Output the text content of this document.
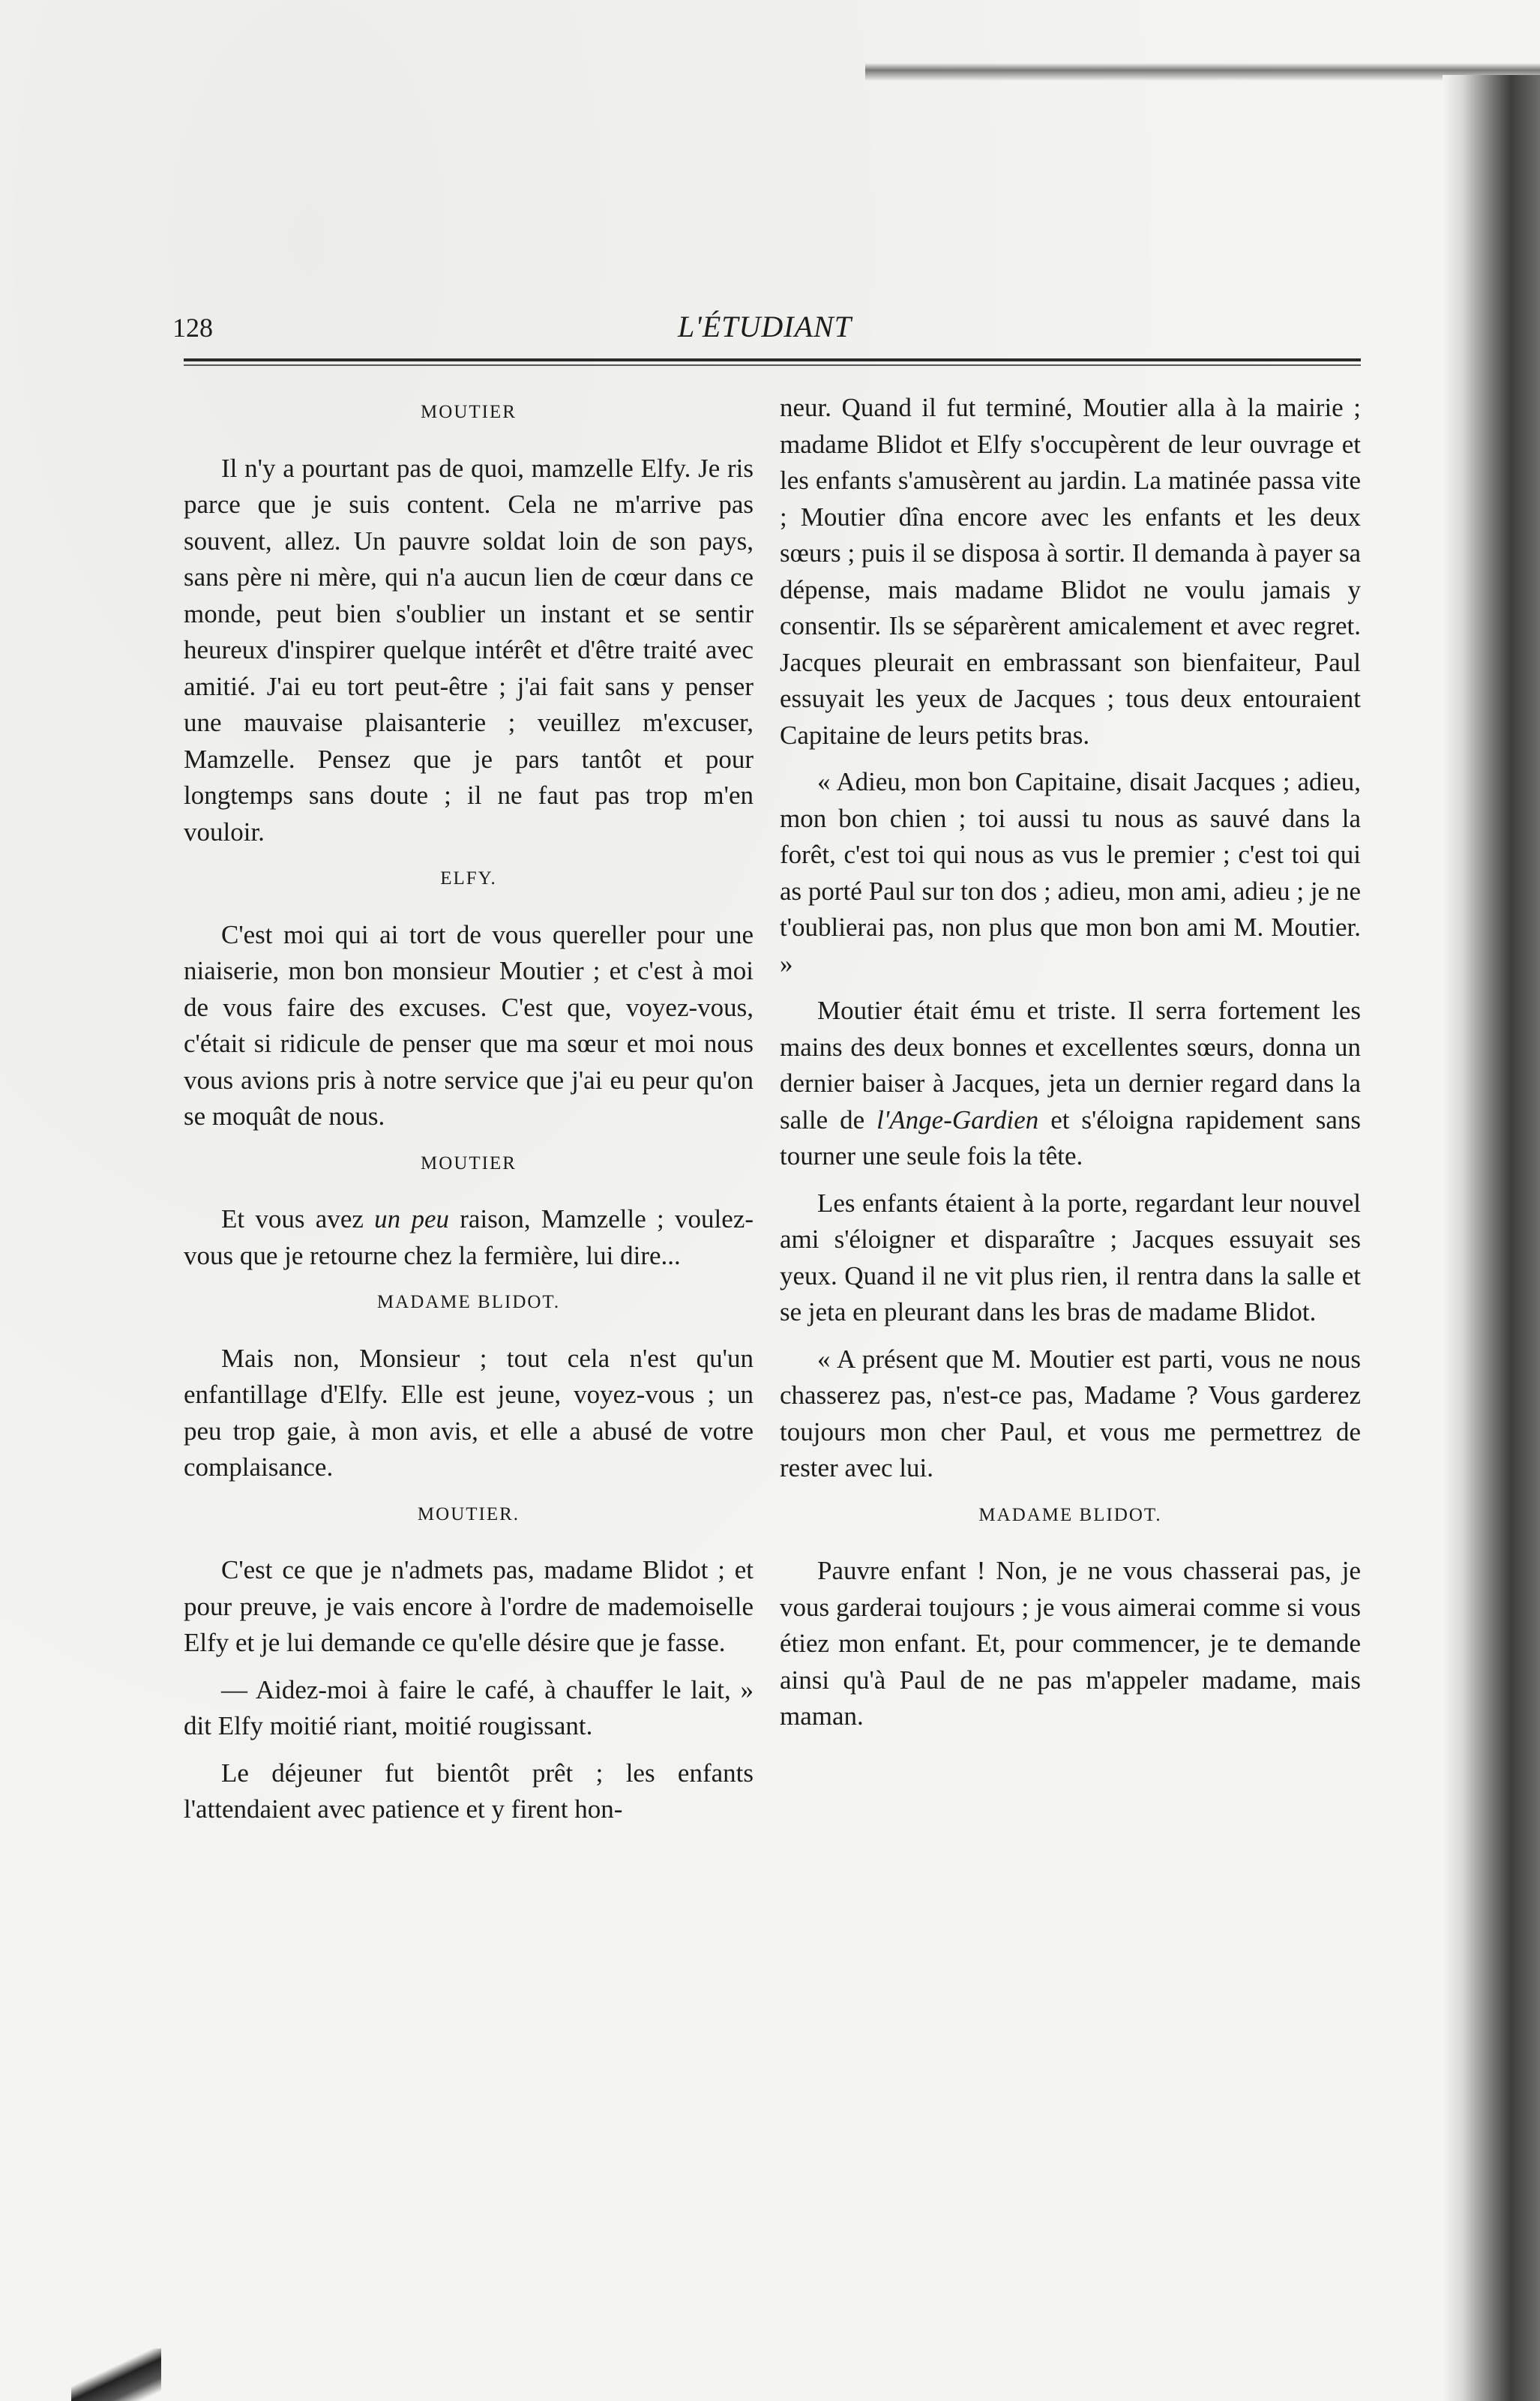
128	L'ÉTUDIANT
MOUTIER

Il n'y a pourtant pas de quoi, mamzelle Elfy. Je ris parce que je suis content. Cela ne m'arrive pas souvent, allez. Un pauvre soldat loin de son pays, sans père ni mère, qui n'a aucun lien de cœur dans ce monde, peut bien s'oublier un instant et se sentir heureux d'inspirer quelque intérêt et d'être traité avec amitié. J'ai eu tort peut-être ; j'ai fait sans y penser une mauvaise plaisanterie ; veuillez m'excuser, Mamzelle. Pensez que je pars tantôt et pour longtemps sans doute ; il ne faut pas trop m'en vouloir.

ELFY.

C'est moi qui ai tort de vous quereller pour une niaiserie, mon bon monsieur Moutier ; et c'est à moi de vous faire des excuses. C'est que, voyez-vous, c'était si ridicule de penser que ma sœur et moi nous vous avions pris à notre service que j'ai eu peur qu'on se moquât de nous.

MOUTIER

Et vous avez un peu raison, Mamzelle ; voulez-vous que je retourne chez la fermière, lui dire...

MADAME BLIDOT.

Mais non, Monsieur ; tout cela n'est qu'un enfantillage d'Elfy. Elle est jeune, voyez-vous ; un peu trop gaie, à mon avis, et elle a abusé de votre complaisance.

MOUTIER.

C'est ce que je n'admets pas, madame Blidot ; et pour preuve, je vais encore à l'ordre de mademoiselle Elfy et je lui demande ce qu'elle désire que je fasse.

— Aidez-moi à faire le café, à chauffer le lait, » dit Elfy moitié riant, moitié rougissant.

Le déjeuner fut bientôt prêt ; les enfants l'attendaient avec patience et y firent hon-

neur. Quand il fut terminé, Moutier alla à la mairie ; madame Blidot et Elfy s'occupèrent de leur ouvrage et les enfants s'amusèrent au jardin. La matinée passa vite ; Moutier dîna encore avec les enfants et les deux sœurs ; puis il se disposa à sortir. Il demanda à payer sa dépense, mais madame Blidot ne voulu jamais y consentir. Ils se séparèrent amicalement et avec regret. Jacques pleurait en embrassant son bienfaiteur, Paul essuyait les yeux de Jacques ; tous deux entouraient Capitaine de leurs petits bras.

« Adieu, mon bon Capitaine, disait Jacques ; adieu, mon bon chien ; toi aussi tu nous as sauvé dans la forêt, c'est toi qui nous as vus le premier ; c'est toi qui as porté Paul sur ton dos ; adieu, mon ami, adieu ; je ne t'oublierai pas, non plus que mon bon ami M. Moutier. »

Moutier était ému et triste. Il serra fortement les mains des deux bonnes et excellentes sœurs, donna un dernier baiser à Jacques, jeta un dernier regard dans la salle de l'Ange-Gardien et s'éloigna rapidement sans tourner une seule fois la tête.

Les enfants étaient à la porte, regardant leur nouvel ami s'éloigner et disparaître ; Jacques essuyait ses yeux. Quand il ne vit plus rien, il rentra dans la salle et se jeta en pleurant dans les bras de madame Blidot.

« A présent que M. Moutier est parti, vous ne nous chasserez pas, n'est-ce pas, Madame ? Vous garderez toujours mon cher Paul, et vous me permettrez de rester avec lui.

MADAME BLIDOT.

Pauvre enfant ! Non, je ne vous chasserai pas, je vous garderai toujours ; je vous aimerai comme si vous étiez mon enfant. Et, pour commencer, je te demande ainsi qu'à Paul de ne pas m'appeler madame, mais maman.
